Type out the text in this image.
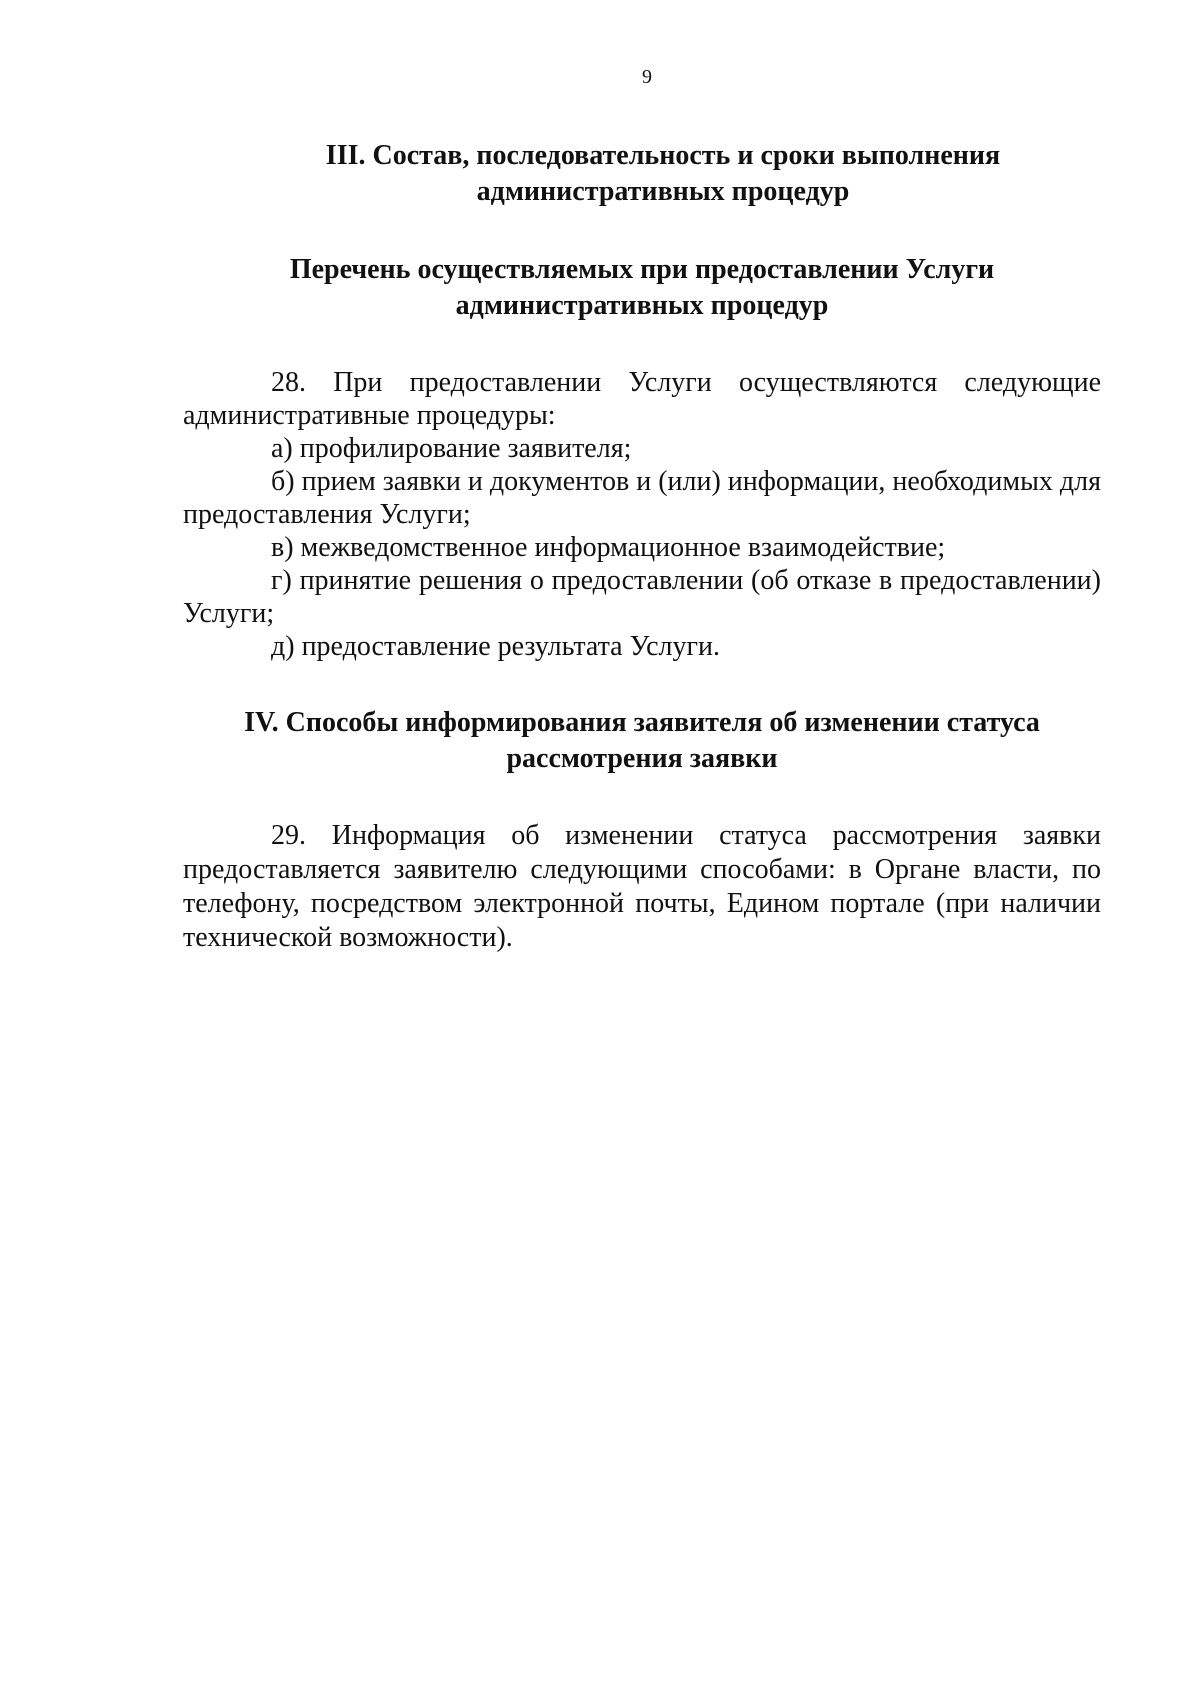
9
III. Состав, последовательность и сроки выполнения
административных процедур
Перечень осуществляемых при предоставлении Услуги
административных процедур

28. При предоставлении Услуги осуществляются следующие административные процедуры:

а) профилирование заявителя;

б) прием заявки и документов и (или) информации, необходимых для предоставления Услуги;

в) межведомственное информационное взаимодействие;

г) принятие решения о предоставлении (об отказе в предоставлении) Услуги;

д) предоставление результата Услуги.

IV. Способы информирования заявителя об изменении статуса
рассмотрения заявки

29. Информация об изменении статуса рассмотрения заявки предоставляется заявителю следующими способами: в Органе власти, по телефону, посредством электронной почты, Едином портале (при наличии технической возможности).
